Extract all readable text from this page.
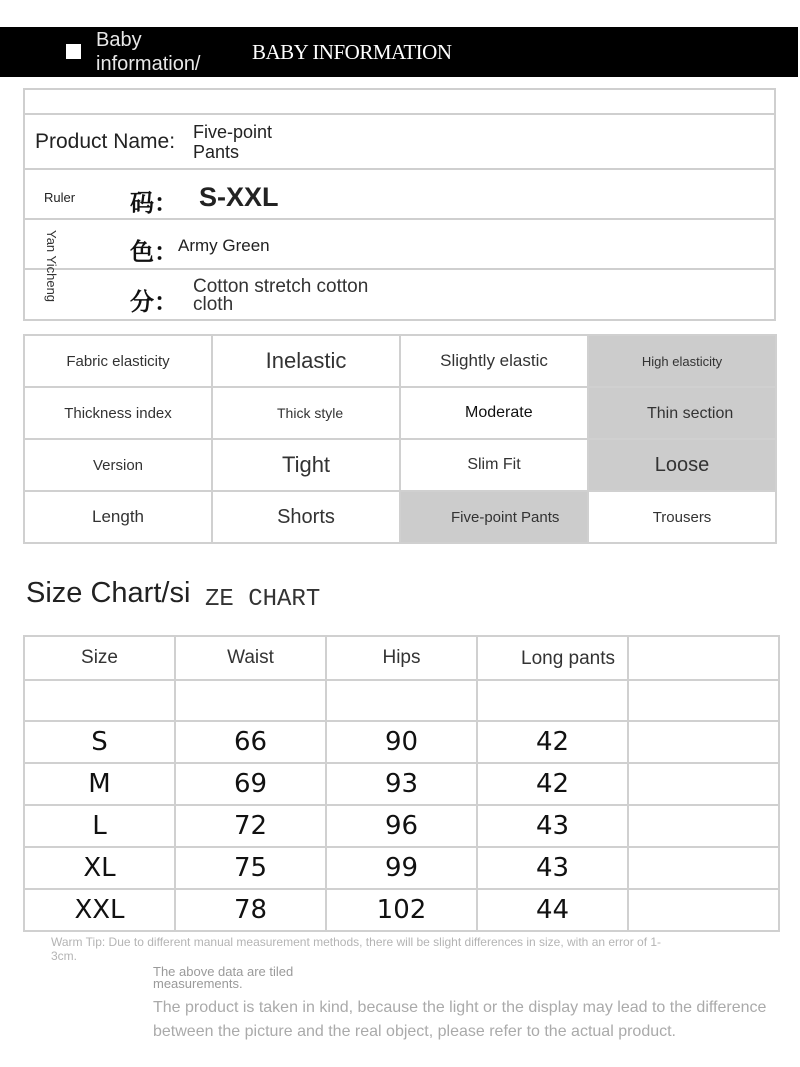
Baby information/	BABY INFORMATION
Product Name: Five-point Pants
Ruler 码： S-XXL
Yan Yicheng	色： Army Green
分：
Cotton stretch cotton cloth
Fabric elasticity	Inelastic	Slightly elastic	High elasticity
Thickness index	Thick style	Moderate	Thin section
Version	Tight	Slim Fit	Loose
Length	Shorts	Five-point Pants	Trousers
Size Chart/si ZE CHART
Size	Waist	Hips	Long pants	

S	66	90	42	
M	69	93	42	
L	72	96	43	
XL	75	99	43	
XXL	78	102	44	
Warm Tip: Due to different manual measurement methods, there will be slight differences in size, with an error of 1-3cm.
The above data are tiled measurements.
The product is taken in kind, because the light or the display may lead to the difference between the picture and the real object, please refer to the actual product.
